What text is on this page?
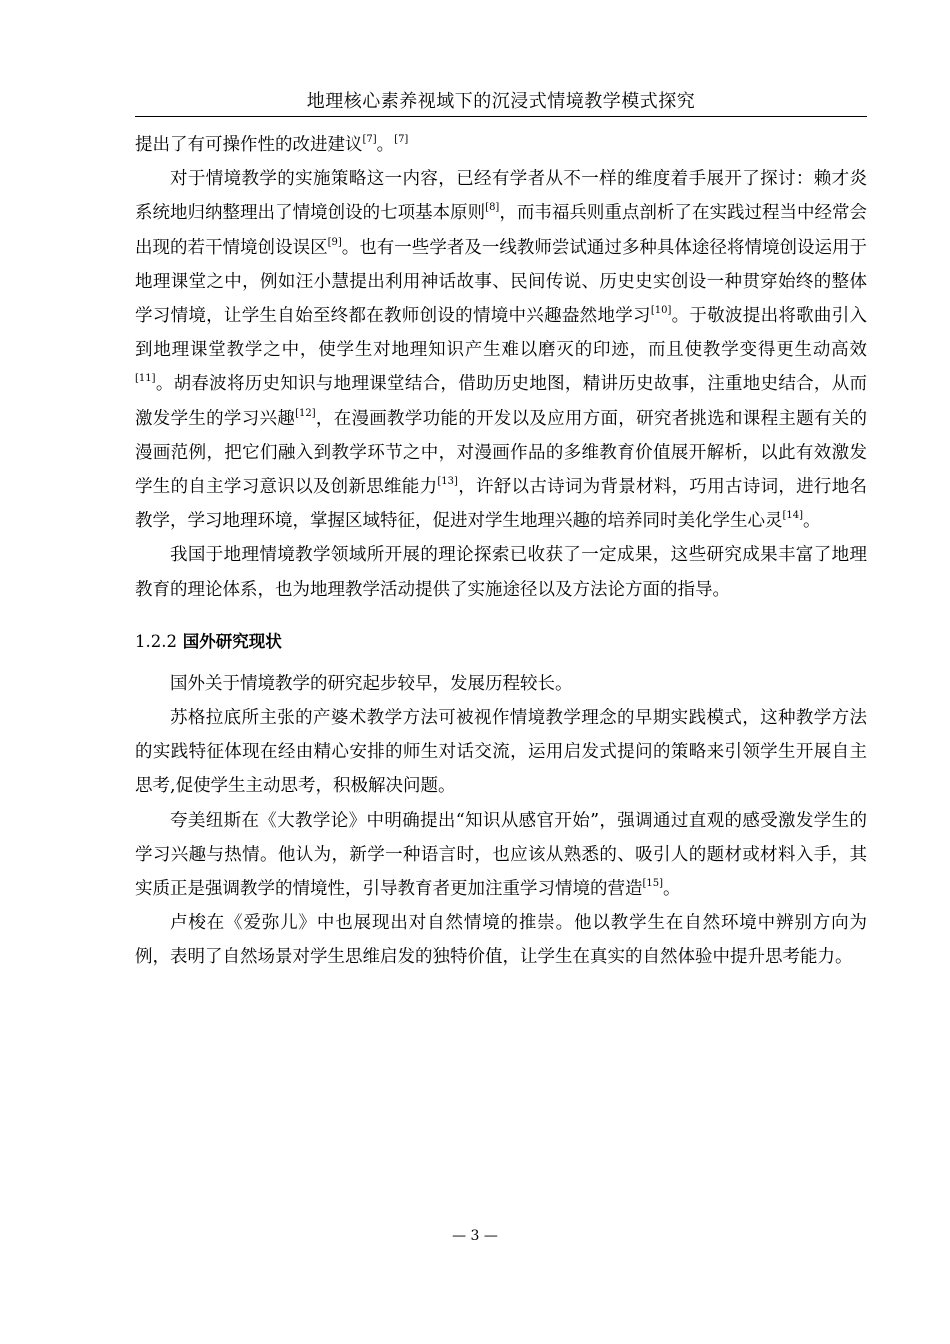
地理核心素养视域下的沉浸式情境教学模式探究

提出了有可操作性的改进建议[7]。[7]

对于情境教学的实施策略这一内容，已经有学者从不一样的维度着手展开了探讨：赖才炎系统地归纳整理出了情境创设的七项基本原则[8]，而韦福兵则重点剖析了在实践过程当中经常会出现的若干情境创设误区[9]。也有一些学者及一线教师尝试通过多种具体途径将情境创设运用于地理课堂之中，例如汪小慧提出利用神话故事、民间传说、历史史实创设一种贯穿始终的整体学习情境，让学生自始至终都在教师创设的情境中兴趣盎然地学习[10]。于敬波提出将歌曲引入到地理课堂教学之中，使学生对地理知识产生难以磨灭的印迹，而且使教学变得更生动高效[11]。胡春波将历史知识与地理课堂结合，借助历史地图，精讲历史故事，注重地史结合，从而激发学生的学习兴趣[12]，在漫画教学功能的开发以及应用方面，研究者挑选和课程主题有关的漫画范例，把它们融入到教学环节之中，对漫画作品的多维教育价值展开解析，以此有效激发学生的自主学习意识以及创新思维能力[13]，许舒以古诗词为背景材料，巧用古诗词，进行地名教学，学习地理环境，掌握区域特征，促进对学生地理兴趣的培养同时美化学生心灵[14]。

我国于地理情境教学领域所开展的理论探索已收获了一定成果，这些研究成果丰富了地理教育的理论体系，也为地理教学活动提供了实施途径以及方法论方面的指导。

1.2.2 国外研究现状

国外关于情境教学的研究起步较早，发展历程较长。

苏格拉底所主张的产婆术教学方法可被视作情境教学理念的早期实践模式，这种教学方法的实践特征体现在经由精心安排的师生对话交流，运用启发式提问的策略来引领学生开展自主思考,促使学生主动思考，积极解决问题。

夸美纽斯在《大教学论》中明确提出“知识从感官开始”，强调通过直观的感受激发学生的学习兴趣与热情。他认为，新学一种语言时，也应该从熟悉的、吸引人的题材或材料入手，其实质正是强调教学的情境性，引导教育者更加注重学习情境的营造[15]。

卢梭在《爱弥儿》中也展现出对自然情境的推崇。他以教学生在自然环境中辨别方向为例，表明了自然场景对学生思维启发的独特价值，让学生在真实的自然体验中提升思考能力。

— 3 —
